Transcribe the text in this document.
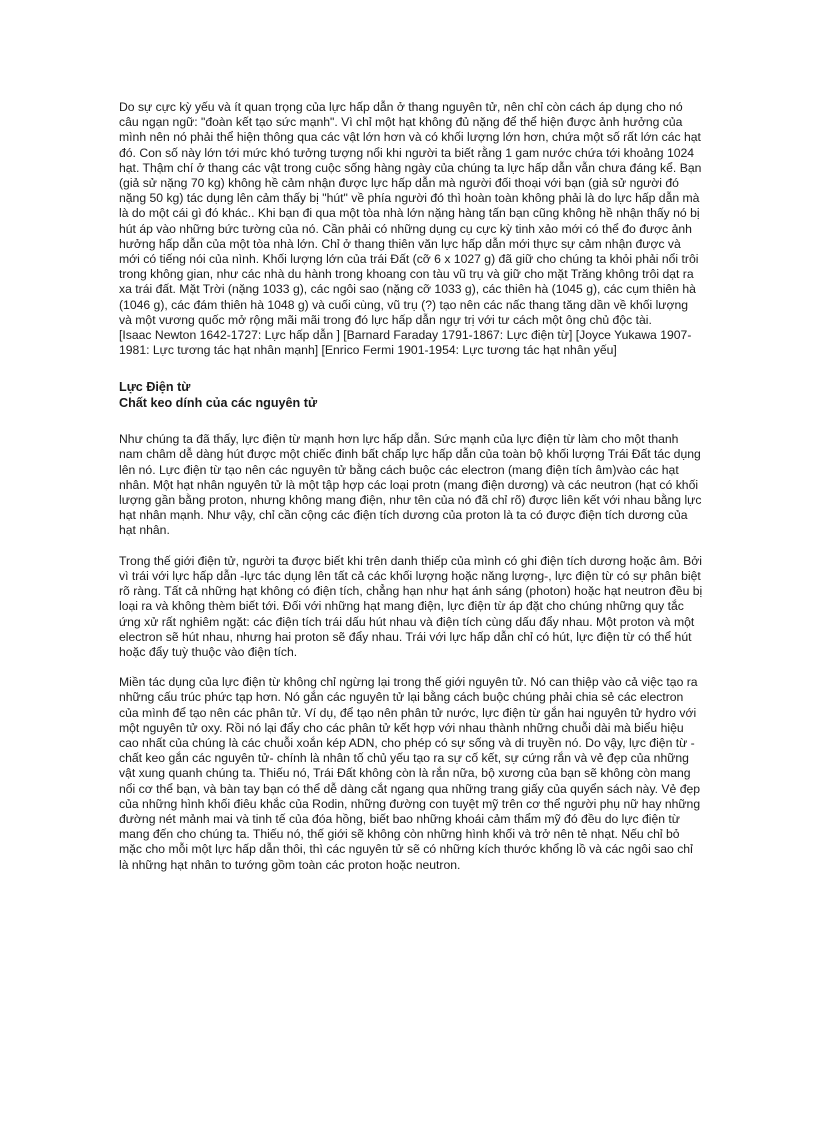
Do sự cực kỳ yếu và ít quan trọng của lực hấp dẫn ở thang nguyên tử, nên chỉ còn cách áp dụng cho nó câu ngạn ngữ: "đoàn kết tạo sức mạnh". Vì chỉ một hạt không đủ nặng để thể hiện được ảnh hưởng của mình nên nó phải thể hiện thông qua các vật lớn hơn và có khối lượng lớn hơn, chứa một số rất lớn các hạt đó. Con số này lớn tới mức khó tưởng tượng nổi khi người ta biết rằng 1 gam nước chứa tới khoảng 1024 hạt. Thậm chí ở thang các vật trong cuộc sống hàng ngày của chúng ta lực hấp dẫn vẫn chưa đáng kể. Bạn (giả sử nặng 70 kg) không hề cảm nhận được lực hấp dẫn mà người đối thoại với bạn (giả sử người đó nặng 50 kg) tác dụng lên cảm thấy bị "hút" về phía người đó thì hoàn toàn không phải là do lực hấp dẫn mà là do một cái gì đó khác.. Khi bạn đi qua một tòa nhà lớn nặng hàng tấn bạn cũng không hề nhận thấy nó bị hút áp vào những bức tường của nó. Cần phải có những dụng cụ cực kỳ tinh xảo mới có thể đo được ảnh hưởng hấp dẫn của một tòa nhà lớn. Chỉ ở thang thiên văn lực hấp dẫn mới thực sự cảm nhận được và mới có tiếng nói của nình. Khối lượng lớn của trái Đất (cỡ 6 x 1027 g) đã giữ cho chúng ta khỏi phải nổi trôi trong không gian, như các nhà du hành trong khoang con tàu vũ trụ và giữ cho mặt Trăng không trôi dạt ra xa trái đất. Mặt Trời (nặng 1033 g), các ngôi sao (nặng cỡ 1033 g), các thiên hà (1045 g), các cụm thiên hà (1046 g), các đám thiên hà 1048 g) và cuối cùng, vũ trụ (?) tạo nên các nấc thang tăng dần về khối lượng và một vương quốc mở rộng mãi mãi trong đó lực hấp dẫn ngự trị với tư cách một ông chủ độc tài.

[Isaac Newton 1642-1727: Lực hấp dẫn ] [Barnard Faraday 1791-1867: Lực điện từ] [Joyce Yukawa 1907-1981: Lực tương tác hạt nhân mạnh] [Enrico Fermi 1901-1954: Lực tương tác hạt nhân yếu]

Lực Điện từ

Chất keo dính của các nguyên tử

Như chúng ta đã thấy, lực điện từ mạnh hơn lực hấp dẫn. Sức mạnh của lực điện từ làm cho một thanh nam châm dễ dàng hút được một chiếc đinh bất chấp lực hấp dẫn của toàn bộ khối lượng Trái Đất tác dụng lên nó. Lực điện từ tạo nên các nguyên tử bằng cách buộc các electron (mang điện tích âm)vào các hạt nhân. Một hạt nhân nguyên tử là một tập hợp các loại protn (mang điện dương) và các neutron (hạt có khối lượng gần bằng proton, nhưng không mang điện, như tên của nó đã chỉ rõ) được liên kết với nhau bằng lực hạt nhân mạnh. Như vậy, chỉ cần cộng các điện tích dương của proton là ta có được điện tích dương của hạt nhân.

Trong thế giới điện tử, người ta được biết khi trên danh thiếp của mình có ghi điện tích dương hoặc âm. Bởi vì trái với lực hấp dẫn -lực tác dụng lên tất cả các khối lượng hoặc năng lượng-, lực điện từ có sự phân biệt rõ ràng. Tất cả những hạt không có điện tích, chẳng hạn như hạt ánh sáng (photon) hoặc hạt neutron đều bị loại ra và không thèm biết tới. Đối với những hạt mang điện, lực điện từ áp đặt cho chúng những quy tắc ứng xử rất nghiêm ngặt: các điện tích trái dấu hút nhau và điện tích cùng dấu đẩy nhau. Một proton và một electron sẽ hút nhau, nhưng hai proton sẽ đẩy nhau. Trái với lực hấp dẫn chỉ có hút, lực điện từ có thể hút hoặc đẩy tuỳ thuộc vào điện tích.

Miền tác dụng của lực điện từ không chỉ ngừng lại trong thế giới nguyên tử. Nó can thiệp vào cả việc tạo ra những cấu trúc phức tạp hơn. Nó gắn các nguyên tử lại bằng cách buộc chúng phải chia sẻ các electron của mình để tạo nên các phân tử. Ví dụ, để tạo nên phân tử nước, lực điện từ gắn hai nguyên tử hydro với một nguyên tử oxy. Rồi nó lại đẩy cho các phân tử kết hợp với nhau thành những chuỗi dài mà biểu hiệu cao nhất của chúng là các chuỗi xoắn kép ADN, cho phép có sự sống và di truyền nó. Do vậy, lực điện từ -chất keo gắn các nguyên tử- chính là nhân tố chủ yếu tạo ra sự cố kết, sự cứng rắn và vẻ đẹp của những vật xung quanh chúng ta. Thiếu nó, Trái Đất không còn là rắn nữa, bộ xương của bạn sẽ không còn mang nổi cơ thể bạn, và bàn tay bạn có thể dễ dàng cắt ngang qua những trang giấy của quyển sách này. Vẻ đẹp của những hình khối điêu khắc của Rodin, những đường con tuyệt mỹ trên cơ thể người phụ nữ hay những đường nét mảnh mai và tinh tế của đóa hồng, biết bao những khoái cảm thẩm mỹ đó đều do lực điện từ mang đến cho chúng ta. Thiếu nó, thế giới sẽ không còn những hình khối và trở nên tẻ nhạt. Nếu chỉ bỏ mặc cho mỗi một lực hấp dẫn thôi, thì các nguyên tử sẽ có những kích thước khổng lồ và các ngôi sao chỉ là những hạt nhân to tướng gồm toàn các proton hoặc neutron.
